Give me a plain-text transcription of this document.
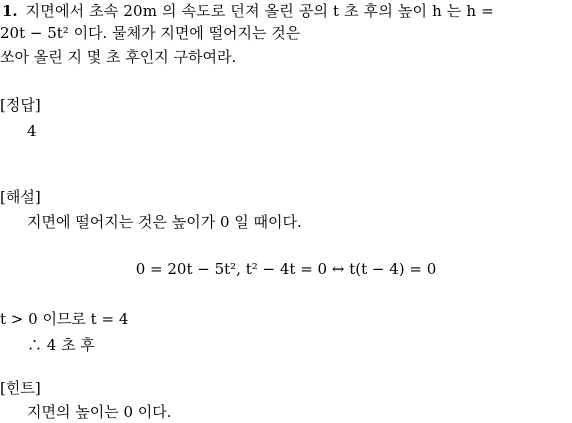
1. 지면에서 초속 20m 의 속도로 던져 올린 공의 t 초 후의 높이 h 는 h =
20t − 5t² 이다. 물체가 지면에 떨어지는 것은
쏘아 올린 지 몇 초 후인지 구하여라.
[정답]
4
[해설]
지면에 떨어지는 것은 높이가 0 일 때이다.
0 = 20t − 5t², t² − 4t = 0 ↔ t(t − 4) = 0
t > 0 이므로 t = 4
∴ 4 초 후
[힌트]
지면의 높이는 0 이다.
